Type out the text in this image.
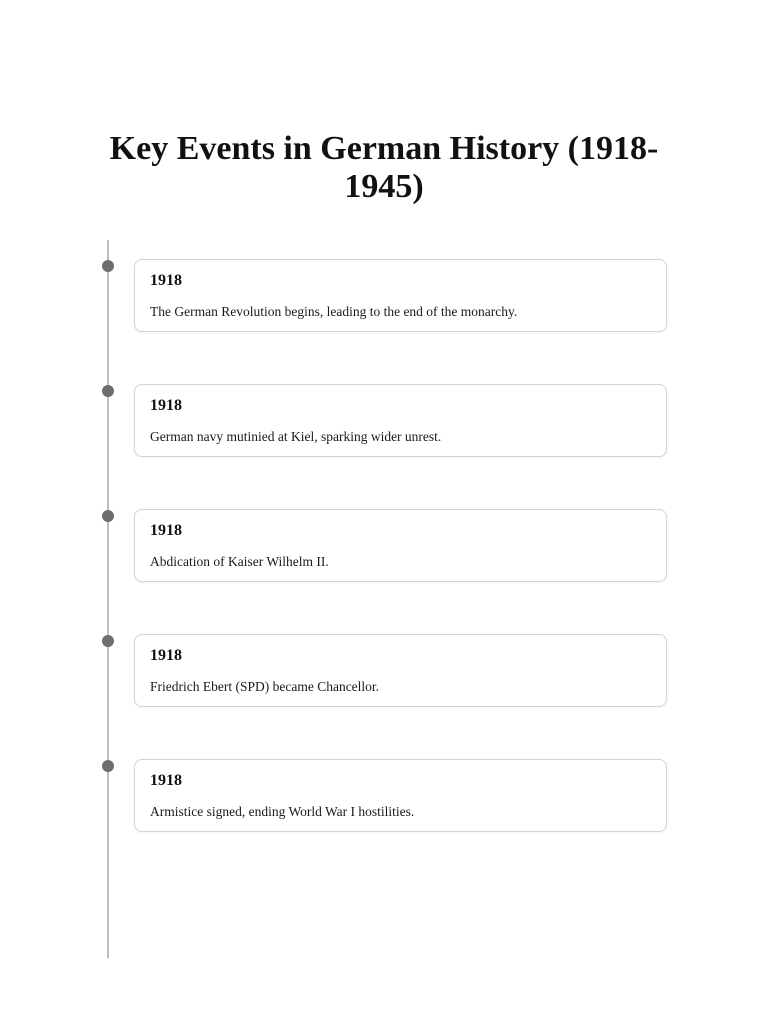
Key Events in German History (1918-1945)
1918
The German Revolution begins, leading to the end of the monarchy.
1918
German navy mutinied at Kiel, sparking wider unrest.
1918
Abdication of Kaiser Wilhelm II.
1918
Friedrich Ebert (SPD) became Chancellor.
1918
Armistice signed, ending World War I hostilities.
